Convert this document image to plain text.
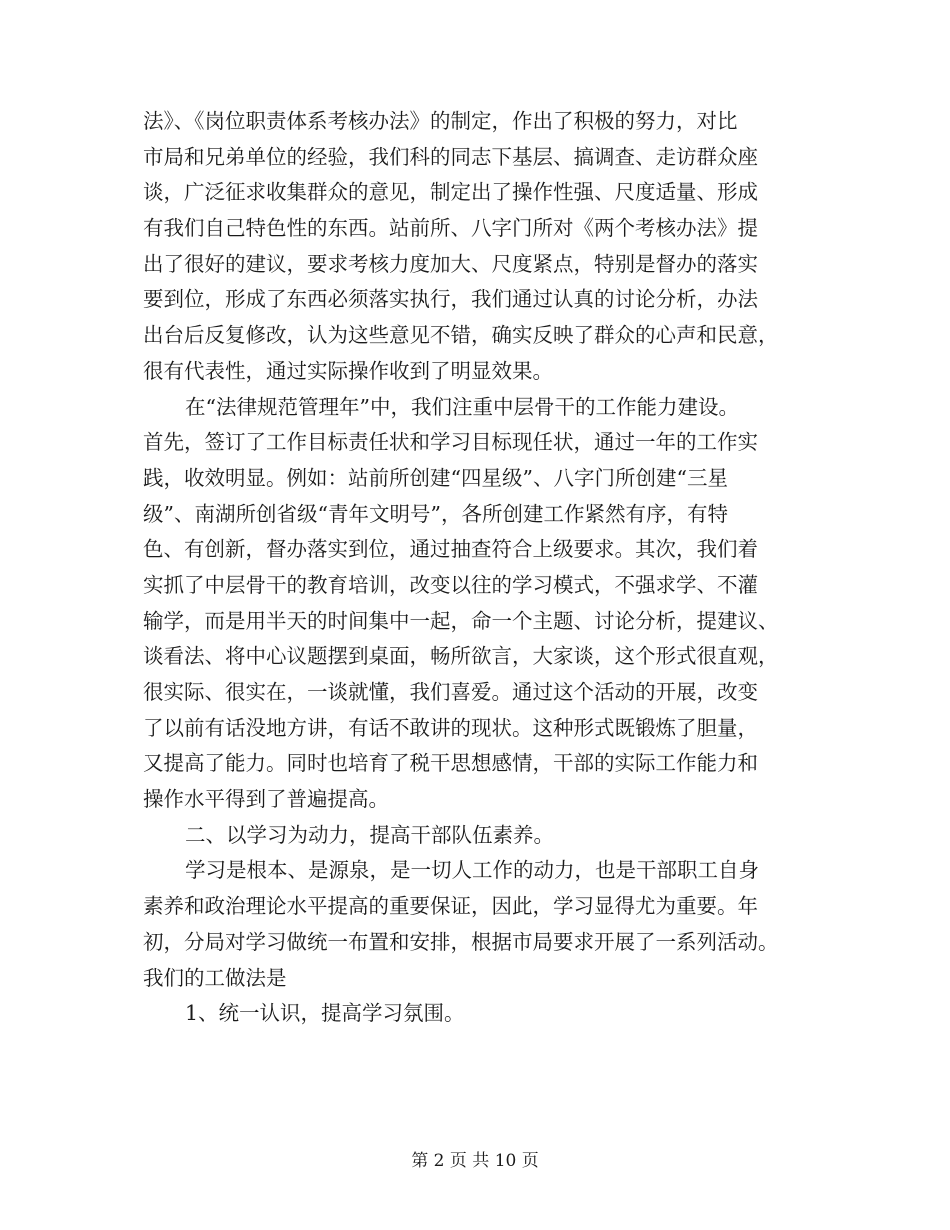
法》、《岗位职责体系考核办法》的制定，作出了积极的努力，对比
市局和兄弟单位的经验，我们科的同志下基层、搞调查、走访群众座
谈，广泛征求收集群众的意见，制定出了操作性强、尺度适量、形成
有我们自己特色性的东西。站前所、八字门所对《两个考核办法》提
出了很好的建议，要求考核力度加大、尺度紧点，特别是督办的落实
要到位，形成了东西必须落实执行，我们通过认真的讨论分析，办法
出台后反复修改，认为这些意见不错，确实反映了群众的心声和民意，
很有代表性，通过实际操作收到了明显效果。
在“法律规范管理年”中，我们注重中层骨干的工作能力建设。
首先，签订了工作目标责任状和学习目标现任状，通过一年的工作实
践，收效明显。例如：站前所创建“四星级”、八字门所创建“三星
级”、南湖所创省级“青年文明号”，各所创建工作紧然有序，有特
色、有创新，督办落实到位，通过抽查符合上级要求。其次，我们着
实抓了中层骨干的教育培训，改变以往的学习模式，不强求学、不灌
输学，而是用半天的时间集中一起，命一个主题、讨论分析，提建议、
谈看法、将中心议题摆到桌面，畅所欲言，大家谈，这个形式很直观，
很实际、很实在，一谈就懂，我们喜爱。通过这个活动的开展，改变
了以前有话没地方讲，有话不敢讲的现状。这种形式既锻炼了胆量，
又提高了能力。同时也培育了税干思想感情，干部的实际工作能力和
操作水平得到了普遍提高。
二、以学习为动力，提高干部队伍素养。
学习是根本、是源泉，是一切人工作的动力，也是干部职工自身
素养和政治理论水平提高的重要保证，因此，学习显得尤为重要。年
初，分局对学习做统一布置和安排，根据市局要求开展了一系列活动。
我们的工做法是
1、统一认识，提高学习氛围。
第 2 页 共 10 页
